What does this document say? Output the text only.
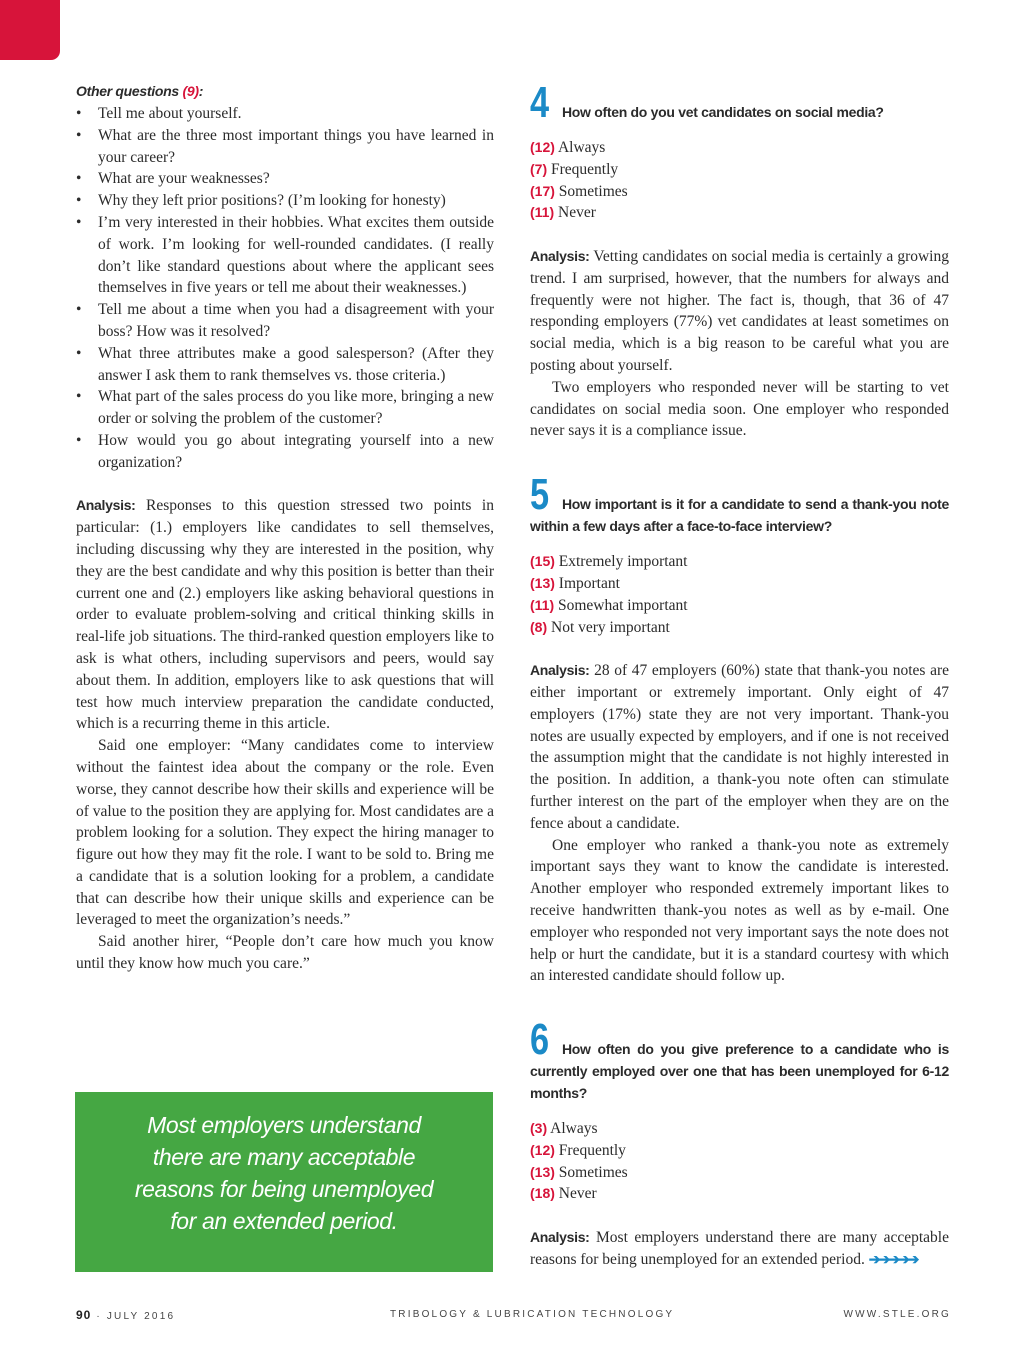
Other questions (9):
• Tell me about yourself.
• What are the three most important things you have learned in your career?
• What are your weaknesses?
• Why they left prior positions? (I’m looking for honesty)
• I’m very interested in their hobbies. What excites them outside of work. I’m looking for well-rounded candidates. (I really don’t like standard questions about where the applicant sees themselves in five years or tell me about their weaknesses.)
• Tell me about a time when you had a disagreement with your boss? How was it resolved?
• What three attributes make a good salesperson? (After they answer I ask them to rank themselves vs. those criteria.)
• What part of the sales process do you like more, bringing a new order or solving the problem of the customer?
• How would you go about integrating yourself into a new organization?

Analysis: Responses to this question stressed two points in particular: (1.) employers like candidates to sell themselves, including discussing why they are interested in the position, why they are the best candidate and why this position is better than their current one and (2.) employers like asking behavioral questions in order to evaluate problem-solving and critical thinking skills in real-life job situations. The third-ranked question employers like to ask is what others, including supervisors and peers, would say about them. In addition, employers like to ask questions that will test how much interview preparation the candidate conducted, which is a recurring theme in this article.

Said one employer: “Many candidates come to interview without the faintest idea about the company or the role. Even worse, they cannot describe how their skills and experience will be of value to the position they are applying for. Most candidates are a problem looking for a solution. They expect the hiring manager to figure out how they may fit the role. I want to be sold to. Bring me a candidate that is a solution looking for a problem, a candidate that can describe how their unique skills and experience can be leveraged to meet the organization’s needs.”

Said another hirer, “People don’t care how much you know until they know how much you care.”

Most employers understand there are many acceptable reasons for being unemployed for an extended period.
4 How often do you vet candidates on social media?
(12) Always
(7) Frequently
(17) Sometimes
(11) Never

Analysis: Vetting candidates on social media is certainly a growing trend. I am surprised, however, that the numbers for always and frequently were not higher. The fact is, though, that 36 of 47 responding employers (77%) vet candidates at least sometimes on social media, which is a big reason to be careful what you are posting about yourself.

Two employers who responded never will be starting to vet candidates on social media soon. One employer who responded never says it is a compliance issue.

5 How important is it for a candidate to send a thank-you note within a few days after a face-to-face interview?
(15) Extremely important
(13) Important
(11) Somewhat important
(8) Not very important

Analysis: 28 of 47 employers (60%) state that thank-you notes are either important or extremely important. Only eight of 47 employers (17%) state they are not very important. Thank-you notes are usually expected by employers, and if one is not received the assumption might that the candidate is not highly interested in the position. In addition, a thank-you note often can stimulate further interest on the part of the employer when they are on the fence about a candidate.

One employer who ranked a thank-you note as extremely important says they want to know the candidate is interested. Another employer who responded extremely important likes to receive handwritten thank-you notes as well as by e-mail. One employer who responded not very important says the note does not help or hurt the candidate, but it is a standard courtesy with which an interested candidate should follow up.

6 How often do you give preference to a candidate who is currently employed over one that has been unemployed for 6-12 months?
(3) Always
(12) Frequently
(13) Sometimes
(18) Never

Analysis: Most employers understand there are many acceptable reasons for being unemployed for an extended period. ➔➔➔➔➔

90 · JULY 2016	TRIBOLOGY & LUBRICATION TECHNOLOGY	WWW.STLE.ORG
